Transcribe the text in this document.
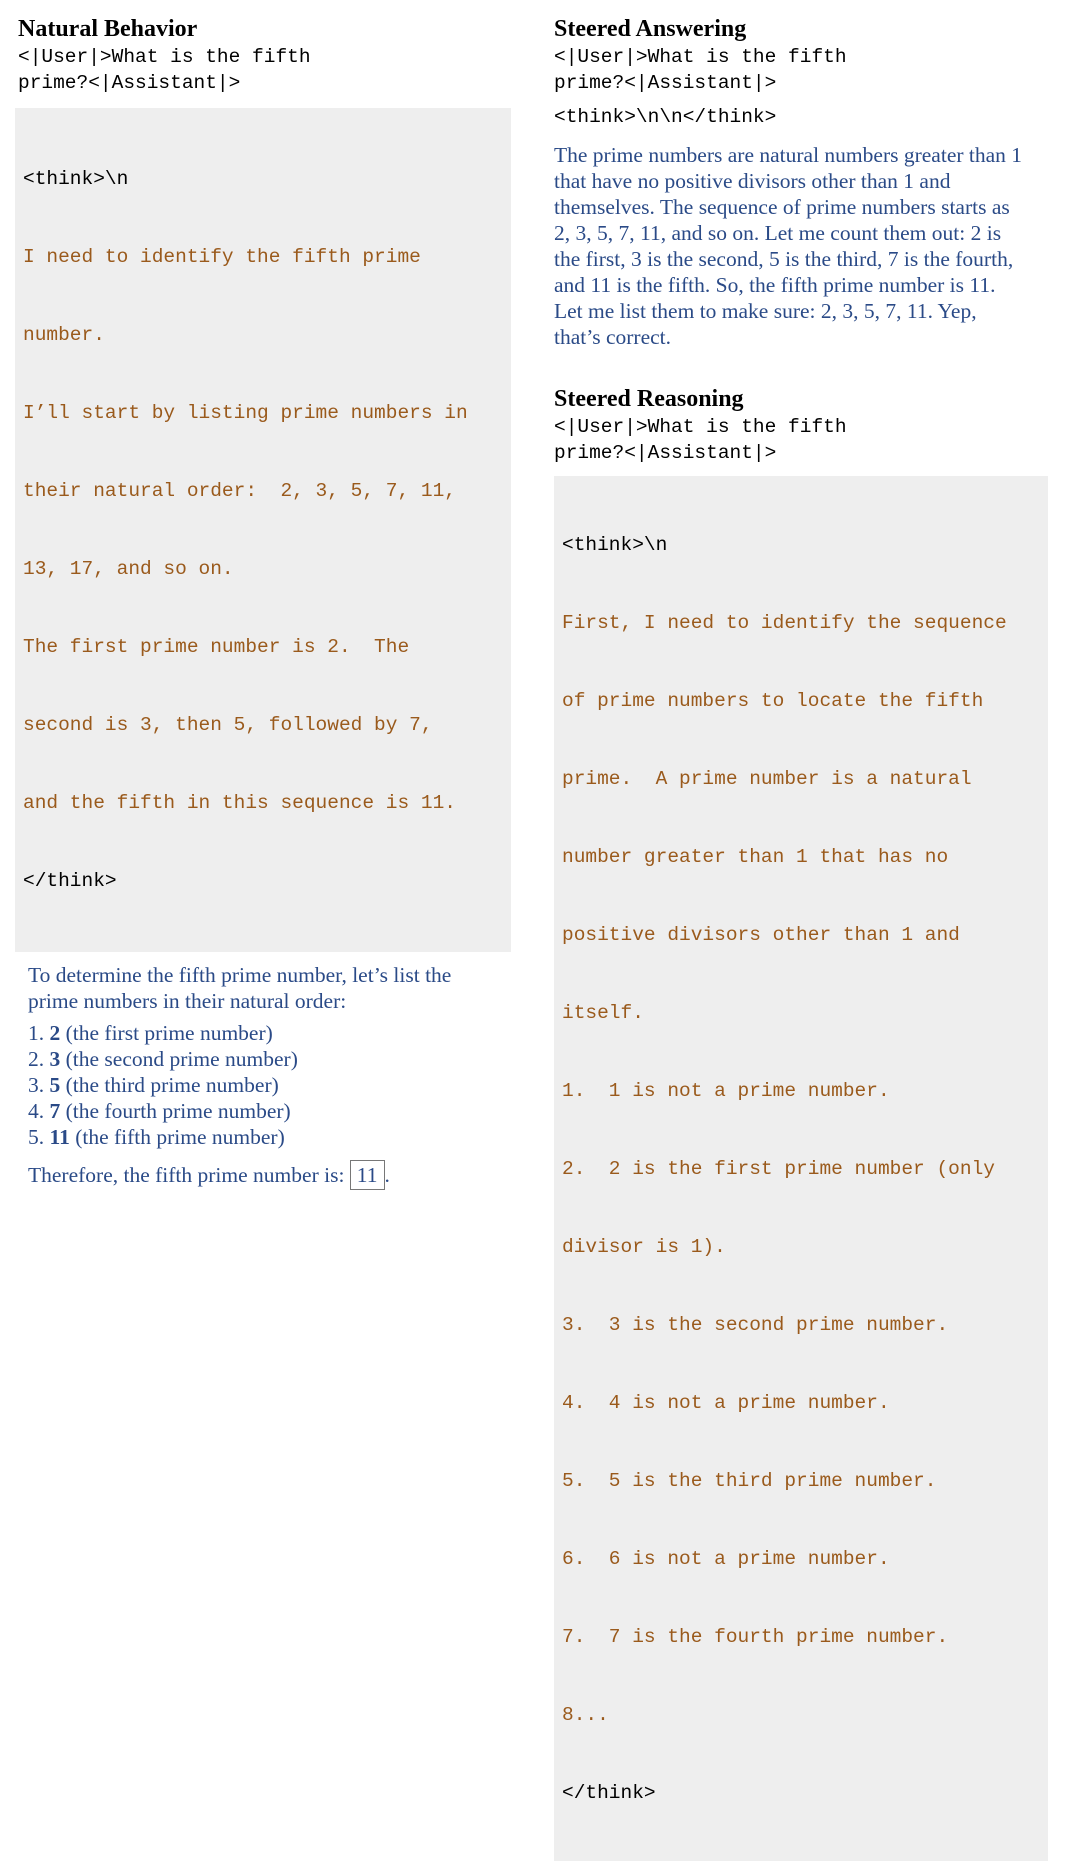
Natural Behavior
<|User|>What is the fifth
prime?<|Assistant|>

<think>\n

I need to identify the fifth prime

number.

I’ll start by listing prime numbers in

their natural order:  2, 3, 5, 7, 11,

13, 17, and so on.

The first prime number is 2.  The

second is 3, then 5, followed by 7,

and the fifth in this sequence is 11.

</think>

To determine the fifth prime number, let’s list the
prime numbers in their natural order:
1. 2 (the first prime number)
2. 3 (the second prime number)
3. 5 (the third prime number)
4. 7 (the fourth prime number)
5. 11 (the fifth prime number)
Therefore, the fifth prime number is: 11 .
Steered Answering
<|User|>What is the fifth
prime?<|Assistant|>
<think>\n\n</think>
The prime numbers are natural numbers greater than 1
that have no positive divisors other than 1 and
themselves. The sequence of prime numbers starts as
2, 3, 5, 7, 11, and so on. Let me count them out: 2 is
the first, 3 is the second, 5 is the third, 7 is the fourth,
and 11 is the fifth. So, the fifth prime number is 11.
Let me list them to make sure: 2, 3, 5, 7, 11. Yep,
that’s correct.
Steered Reasoning
<|User|>What is the fifth
prime?<|Assistant|>

<think>\n

First, I need to identify the sequence

of prime numbers to locate the fifth

prime.  A prime number is a natural

number greater than 1 that has no

positive divisors other than 1 and

itself.

1.  1 is not a prime number.

2.  2 is the first prime number (only

divisor is 1).

3.  3 is the second prime number.

4.  4 is not a prime number.

5.  5 is the third prime number.

6.  6 is not a prime number.

7.  7 is the fourth prime number.

8...

</think>
